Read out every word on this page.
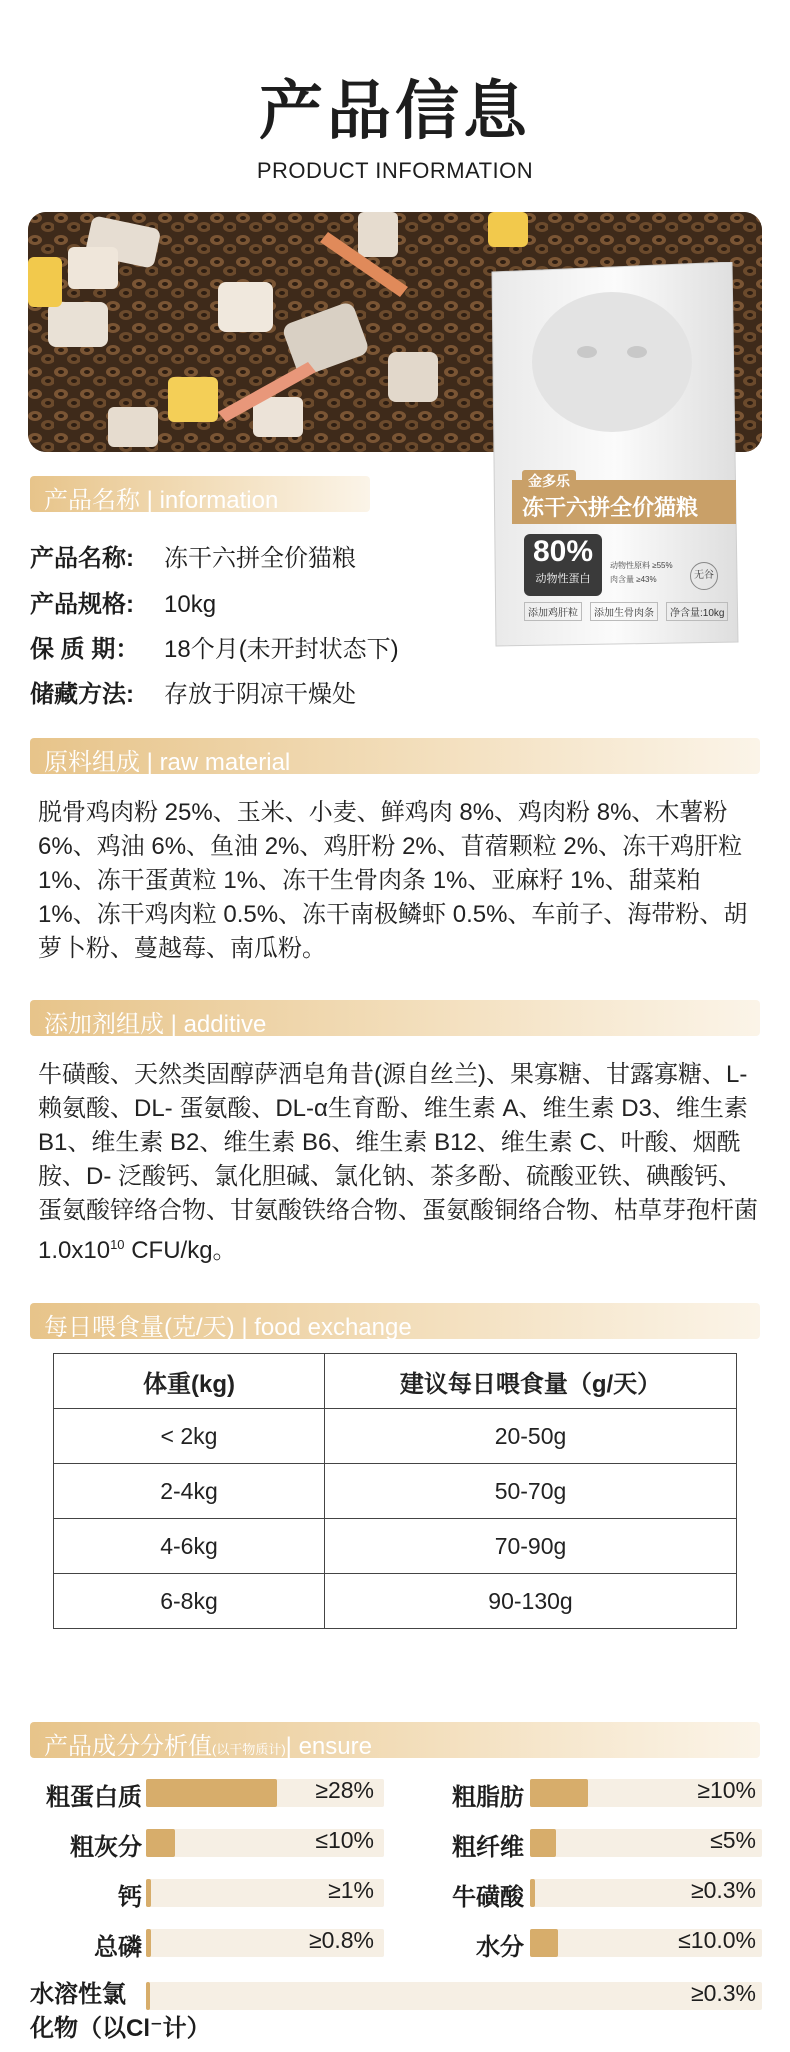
产品信息
PRODUCT INFORMATION
金多乐
冻干六拼全价猫粮
80%
动物性蛋白
动物性原料 ≥55%
肉含量 ≥43%	无谷
添加鸡肝粒	添加生骨肉条	净含量:10kg
产品名称 | information
产品名称: 冻干六拼全价猫粮
产品规格: 10kg
保 质 期： 18个月(未开封状态下)
储藏方法: 存放于阴凉干燥处
原料组成 | raw material
脱骨鸡肉粉 25%、玉米、小麦、鲜鸡肉 8%、鸡肉粉 8%、木薯粉 6%、鸡油 6%、鱼油 2%、鸡肝粉 2%、苜蓿颗粒 2%、冻干鸡肝粒 1%、冻干蛋黄粒 1%、冻干生骨肉条 1%、亚麻籽 1%、甜菜粕 1%、冻干鸡肉粒 0.5%、冻干南极鳞虾 0.5%、车前子、海带粉、胡萝卜粉、蔓越莓、南瓜粉。
添加剂组成 | additive
牛磺酸、天然类固醇萨洒皂角昔(源自丝兰)、果寡糖、甘露寡糖、L- 赖氨酸、DL- 蛋氨酸、DL-α生育酚、维生素 A、维生素 D3、维生素 B1、维生素 B2、维生素 B6、维生素 B12、维生素 C、叶酸、烟酰胺、D- 泛酸钙、氯化胆碱、氯化钠、茶多酚、硫酸亚铁、碘酸钙、蛋氨酸锌络合物、甘氨酸铁络合物、蛋氨酸铜络合物、枯草芽孢杆菌 $1.0x10^{10}$ CFU/kg。
每日喂食量(克/天) | food exchange
体重(kg)	建议每日喂食量（g/天）
< 2kg	20-50g
2-4kg	50-70g
4-6kg	70-90g
6-8kg	90-130g
产品成分分析值(以干物质计)| ensure
粗蛋白质	≥28%	粗脂肪	≥10%
粗灰分	≤10%	粗纤维	≤5%
钙	≥1%	牛磺酸	≥0.3%
总磷	≥0.8%	水分	≤10.0%
水溶性氯
化物（以Cl⁻计）
≥0.3%
